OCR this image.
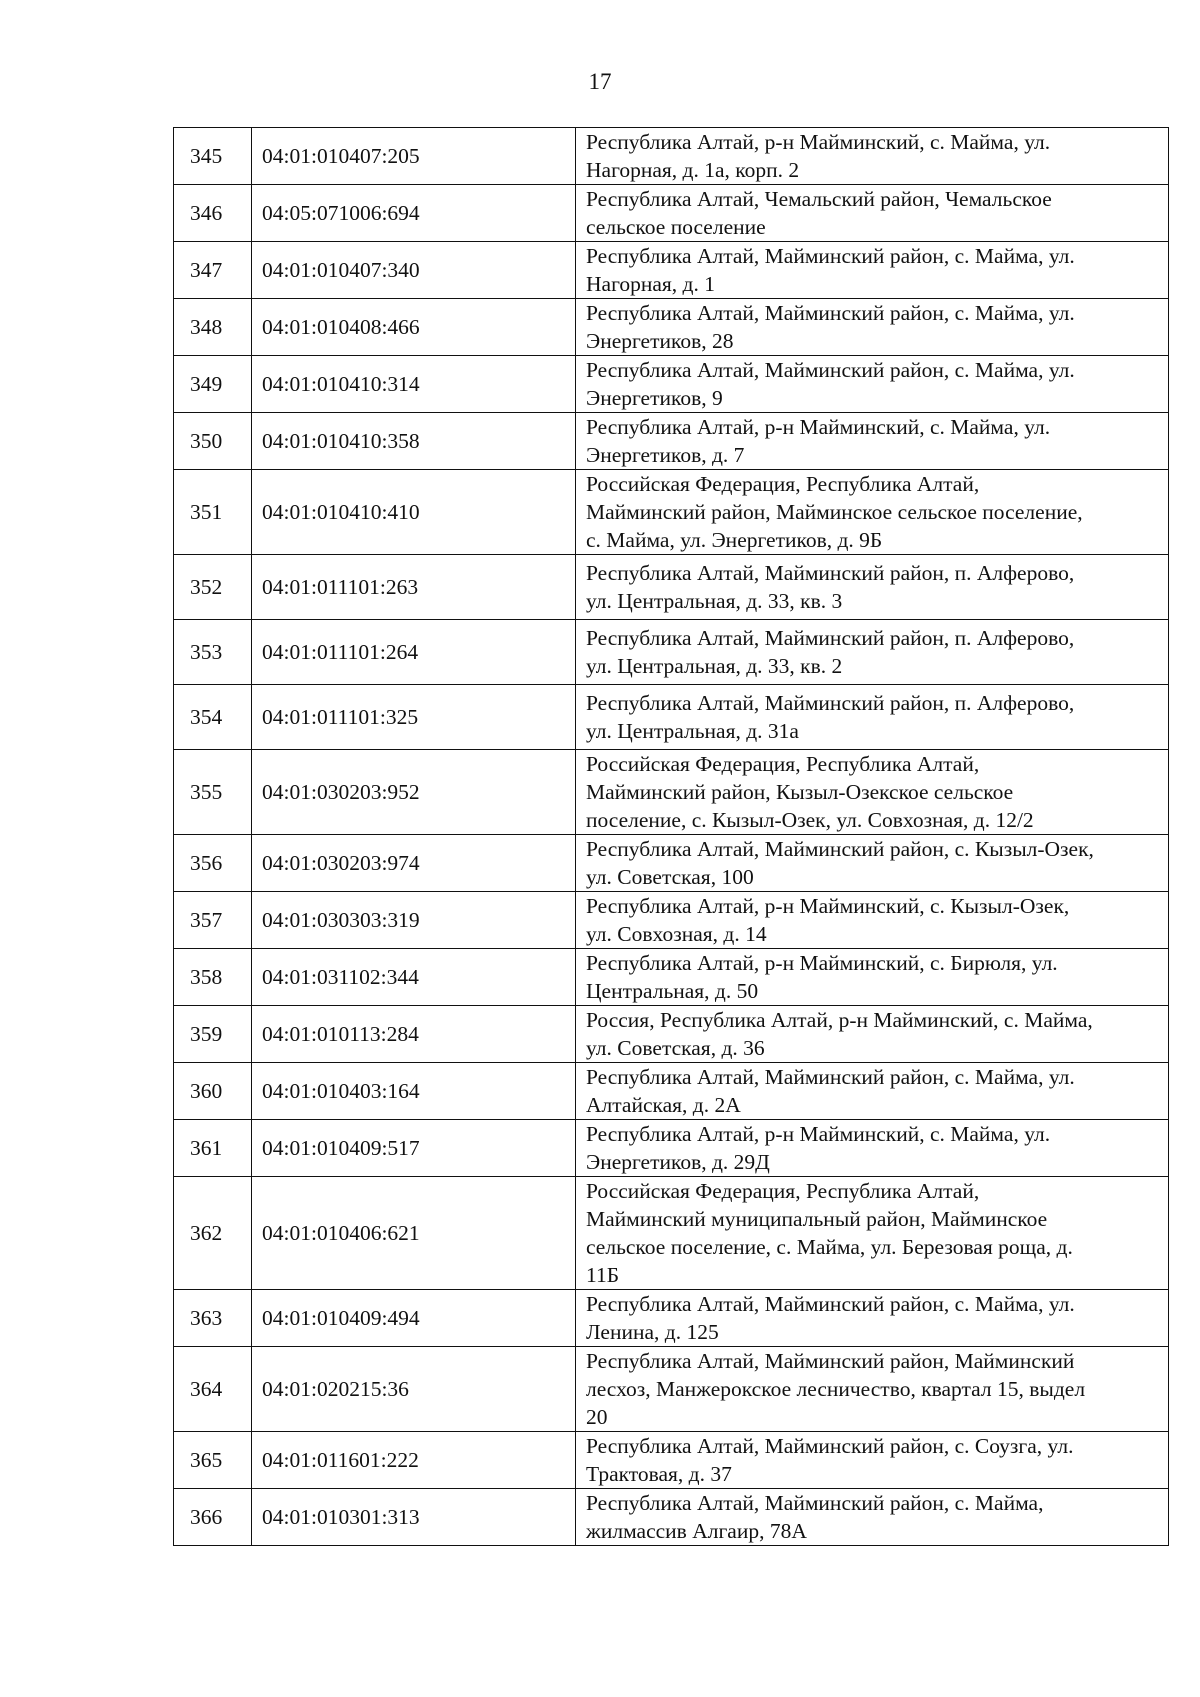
17
345	04:01:010407:205	Республика Алтай, р-н Майминский, с. Майма, ул.
Нагорная, д. 1а, корп. 2

346	04:05:071006:694	Республика Алтай, Чемальский район, Чемальское
сельское поселение

347	04:01:010407:340	Республика Алтай, Майминский район, с. Майма, ул.
Нагорная, д. 1

348	04:01:010408:466	Республика Алтай, Майминский район, с. Майма, ул.
Энергетиков, 28

349	04:01:010410:314	Республика Алтай, Майминский район, с. Майма, ул.
Энергетиков, 9

350	04:01:010410:358	Республика Алтай, р-н Майминский, с. Майма, ул.
Энергетиков, д. 7

351	04:01:010410:410	Российская Федерация, Республика Алтай,
Майминский район, Майминское сельское поселение,
с. Майма, ул. Энергетиков, д. 9Б

352	04:01:011101:263	Республика Алтай, Майминский район, п. Алферово,
ул. Центральная, д. 33, кв. 3

353	04:01:011101:264	Республика Алтай, Майминский район, п. Алферово,
ул. Центральная, д. 33, кв. 2

354	04:01:011101:325	Республика Алтай, Майминский район, п. Алферово,
ул. Центральная, д. 31а

355	04:01:030203:952	Российская Федерация, Республика Алтай,
Майминский район, Кызыл-Озекское сельское
поселение, с. Кызыл-Озек, ул. Совхозная, д. 12/2

356	04:01:030203:974	Республика Алтай, Майминский район, с. Кызыл-Озек,
ул. Советская, 100

357	04:01:030303:319	Республика Алтай, р-н Майминский, с. Кызыл-Озек,
ул. Совхозная, д. 14

358	04:01:031102:344	Республика Алтай, р-н Майминский, с. Бирюля, ул.
Центральная, д. 50

359	04:01:010113:284	Россия, Республика Алтай, р-н Майминский, с. Майма,
ул. Советская, д. 36

360	04:01:010403:164	Республика Алтай, Майминский район, с. Майма, ул.
Алтайская, д. 2А

361	04:01:010409:517	Республика Алтай, р-н Майминский, с. Майма, ул.
Энергетиков, д. 29Д

362	04:01:010406:621	Российская Федерация, Республика Алтай,
Майминский муниципальный район, Майминское
сельское поселение, с. Майма, ул. Березовая роща, д.
11Б

363	04:01:010409:494	Республика Алтай, Майминский район, с. Майма, ул.
Ленина, д. 125

364	04:01:020215:36	Республика Алтай, Майминский район, Майминский
лесхоз, Манжерокское лесничество, квартал 15, выдел
20

365	04:01:011601:222	Республика Алтай, Майминский район, с. Соузга, ул.
Трактовая, д. 37

366	04:01:010301:313	Республика Алтай, Майминский район, с. Майма,
жилмассив Алгаир, 78А
